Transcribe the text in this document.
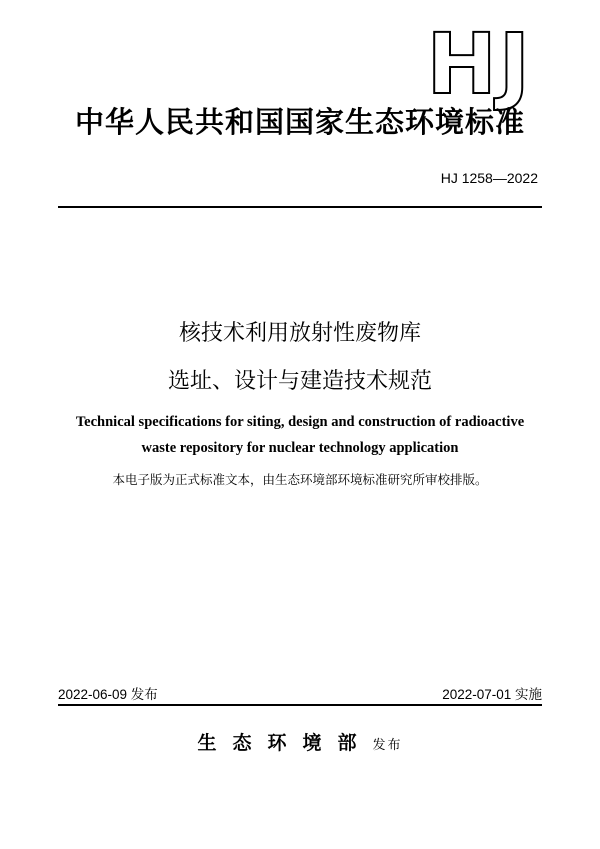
HJ
中华人民共和国国家生态环境标准
HJ 1258—2022
核技术利用放射性废物库
选址、设计与建造技术规范
Technical specifications for siting, design and construction of radioactive
waste repository for nuclear technology application
本电子版为正式标准文本，由生态环境部环境标准研究所审校排版。
2022-06-09 发布	2022-07-01 实施
生态环境部发布
